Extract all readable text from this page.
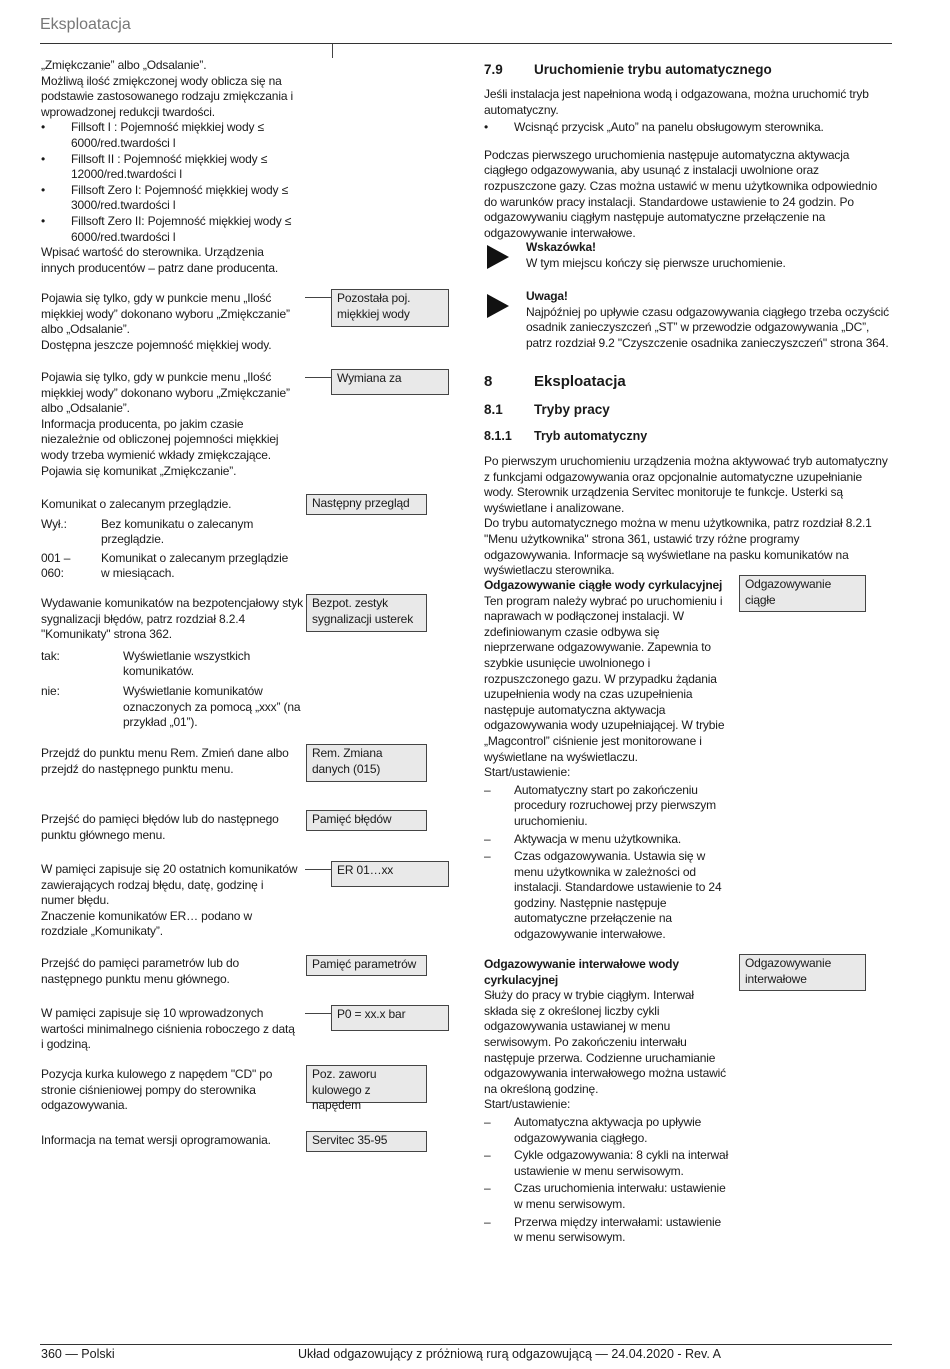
Eksploatacja
„Zmiękczanie” albo „Odsalanie”.
Możliwą ilość zmiękczonej wody oblicza się na podstawie zastosowanego rodzaju zmiękczania i wprowadzonej redukcji twardości.
• Fillsoft I : Pojemność miękkiej wody ≤ 6000/red.twardości l
• Fillsoft II : Pojemność miękkiej wody ≤ 12000/red.twardości l
• Fillsoft Zero I: Pojemność miękkiej wody ≤ 3000/red.twardości l
• Fillsoft Zero II: Pojemność miękkiej wody ≤ 6000/red.twardości l
Wpisać wartość do sterownika. Urządzenia innych producentów – patrz dane producenta.
Pojawia się tylko, gdy w punkcie menu „Ilość miękkiej wody” dokonano wyboru „Zmiękczanie” albo „Odsalanie”.
Dostępna jeszcze pojemność miękkiej wody.
Pozostała poj. miękkiej wody
Pojawia się tylko, gdy w punkcie menu „Ilość miękkiej wody” dokonano wyboru „Zmiękczanie” albo „Odsalanie”.
Informacja producenta, po jakim czasie niezależnie od obliczonej pojemności miękkiej wody trzeba wymienić wkłady zmiękczające. Pojawia się komunikat „Zmiękczanie”.
Wymiana za
Komunikat o zalecanym przeglądzie.
Wył.:	Bez komunikatu o zalecanym przeglądzie.
001 – 060:
Komunikat o zalecanym przeglądzie w miesiącach.
Następny przegląd
Wydawanie komunikatów na bezpotencjałowy styk sygnalizacji błędów, patrz rozdział 8.2.4 "Komunikaty" strona 362.
tak:	Wyświetlanie wszystkich komunikatów.
nie:	Wyświetlanie komunikatów oznaczonych za pomocą „xxx” (na przykład „01”).
Bezpot. zestyk sygnalizacji usterek
Przejdź do punktu menu Rem. Zmień dane albo przejdź do następnego punktu menu.
Rem. Zmiana danych (015)
Przejść do pamięci błędów lub do następnego punktu głównego menu.
Pamięć błędów
W pamięci zapisuje się 20 ostatnich komunikatów zawierających rodzaj błędu, datę, godzinę i numer błędu.
Znaczenie komunikatów ER… podano w rozdziale „Komunikaty”.
ER 01…xx
Przejść do pamięci parametrów lub do następnego punktu menu głównego.
Pamięć parametrów
W pamięci zapisuje się 10 wprowadzonych wartości minimalnego ciśnienia roboczego z datą i godziną.
P0 = xx.x bar
Pozycja kurka kulowego z napędem "CD" po stronie ciśnieniowej pompy do sterownika odgazowywania.
Poz. zaworu kulowego z napędem
Informacja na temat wersji oprogramowania.	Servitec 35-95
7.9 Uruchomienie trybu automatycznego
Jeśli instalacja jest napełniona wodą i odgazowana, można uruchomić tryb automatyczny.
• Wcisnąć przycisk „Auto” na panelu obsługowym sterownika.
Podczas pierwszego uruchomienia następuje automatyczna aktywacja ciągłego odgazowywania, aby usunąć z instalacji uwolnione oraz rozpuszczone gazy. Czas można ustawić w menu użytkownika odpowiednio do warunków pracy instalacji. Standardowe ustawienie to 24 godzin. Po odgazowywaniu ciągłym następuje automatyczne przełączenie na odgazowywanie interwałowe.
Wskazówka!
W tym miejscu kończy się pierwsze uruchomienie.
Uwaga!
Najpóźniej po upływie czasu odgazowywania ciągłego trzeba oczyścić osadnik zanieczyszczeń „ST” w przewodzie odgazowywania „DC”, patrz rozdział 9.2 "Czyszczenie osadnika zanieczyszczeń" strona 364.
8	Eksploatacja
8.1 Tryby pracy
8.1.1 Tryb automatyczny
Po pierwszym uruchomieniu urządzenia można aktywować tryb automatyczny z funkcjami odgazowywania oraz opcjonalnie automatyczne uzupełnianie wody. Sterownik urządzenia Servitec monitoruje te funkcje. Usterki są wyświetlane i analizowane.
Do trybu automatycznego można w menu użytkownika, patrz rozdział 8.2.1 "Menu użytkownika" strona 361, ustawić trzy różne programy odgazowywania. Informacje są wyświetlane na pasku komunikatów na wyświetlaczu sterownika.
Odgazowywanie ciągłe wody cyrkulacyjnej
Ten program należy wybrać po uruchomieniu i naprawach w podłączonej instalacji. W zdefiniowanym czasie odbywa się nieprzerwane odgazowywanie. Zapewnia to szybkie usunięcie uwolnionego i rozpuszczonego gazu. W przypadku żądania uzupełnienia wody na czas uzupełnienia następuje automatyczna aktywacja odgazowywania wody uzupełniającej. W trybie „Magcontrol” ciśnienie jest monitorowane i wyświetlane na wyświetlaczu.
Start/ustawienie:
– Automatyczny start po zakończeniu procedury rozruchowej przy pierwszym uruchomieniu.
– Aktywacja w menu użytkownika.
– Czas odgazowywania. Ustawia się w menu użytkownika w zależności od instalacji. Standardowe ustawienie to 24 godziny. Następnie następuje automatyczne przełączenie na odgazowywanie interwałowe.
Odgazowywanie ciągłe
Odgazowywanie interwałowe wody cyrkulacyjnej
Służy do pracy w trybie ciągłym. Interwał składa się z określonej liczby cykli odgazowywania ustawianej w menu serwisowym. Po zakończeniu interwału następuje przerwa. Codzienne uruchamianie odgazowywania interwałowego można ustawić na określoną godzinę.
Start/ustawienie:
– Automatyczna aktywacja po upływie odgazowywania ciągłego.
– Cykle odgazowywania: 8 cykli na interwał ustawienie w menu serwisowym.
– Czas uruchomienia interwału: ustawienie w menu serwisowym.
– Przerwa między interwałami: ustawienie w menu serwisowym.
Odgazowywanie interwałowe
360 — Polski	Układ odgazowujący z próżniową rurą odgazowującą — 24.04.2020 - Rev. A
